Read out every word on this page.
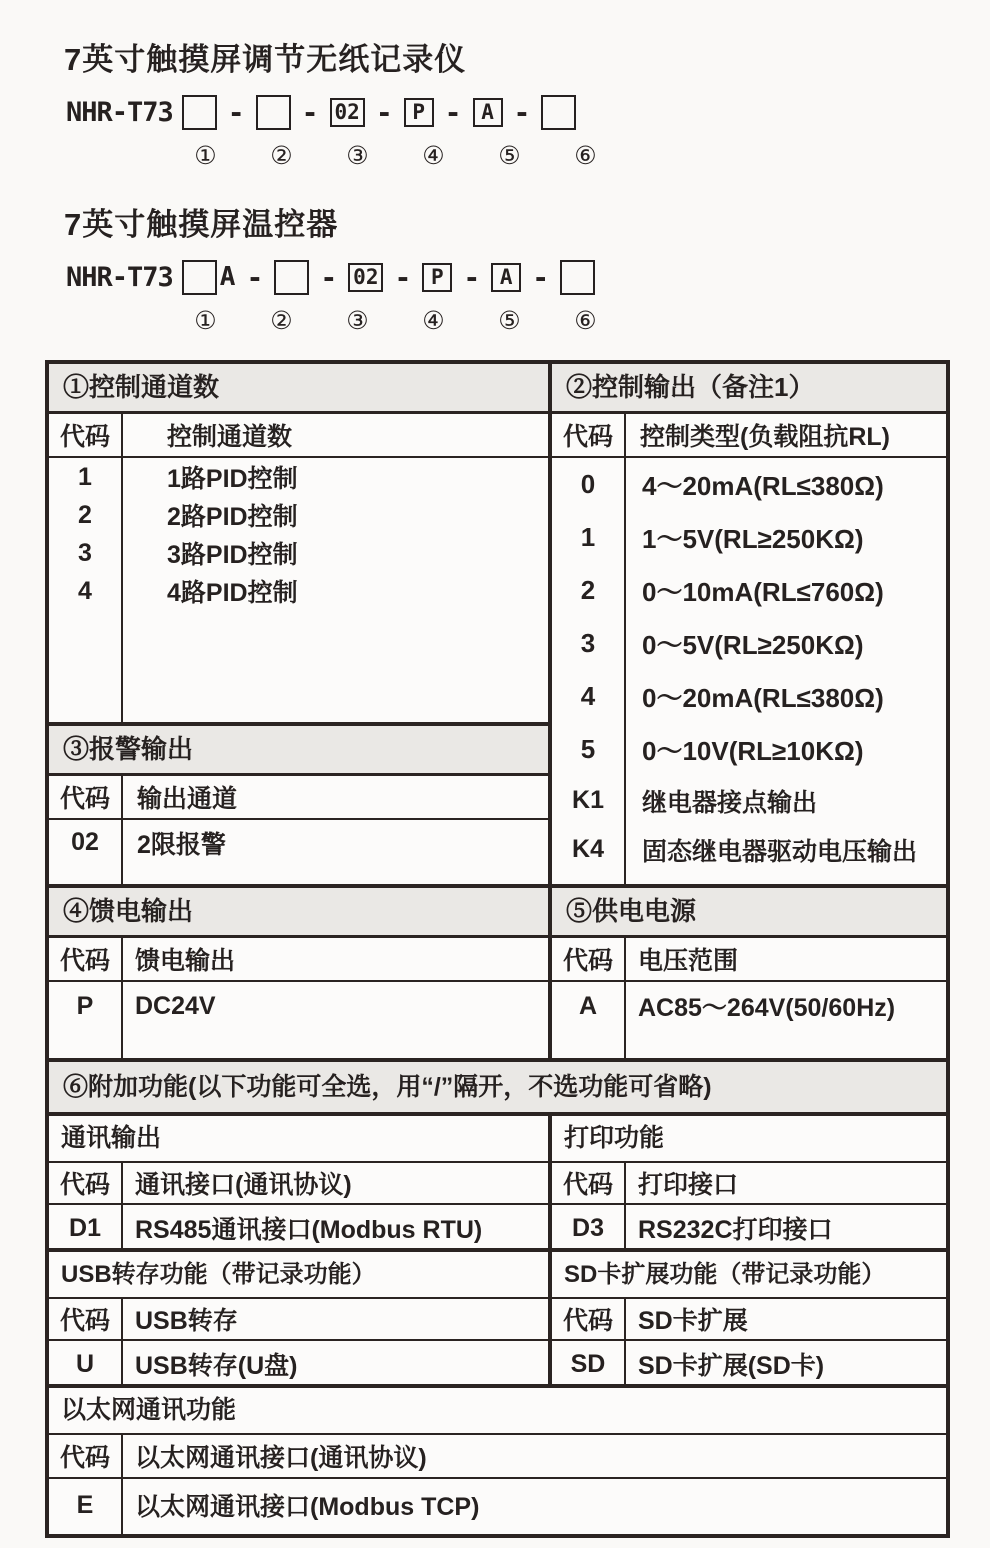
7英寸触摸屏调节无纸记录仪
NHR-T73 - - 02 - P - A -
① ② ③ ④ ⑤ ⑥
7英寸触摸屏温控器
NHR-T73 A - - 02 - P - A -
① ② ③ ④ ⑤ ⑥
①控制通道数
代码	控制通道数
1	1路PID控制
2	2路PID控制
3	3路PID控制
4	4路PID控制
③报警输出
代码	输出通道
02	2限报警
②控制输出（备注1）
代码	控制类型(负载阻抗RL)
0	4～20mA(RL≤380Ω)
1	1～5V(RL≥250KΩ)
2	0～10mA(RL≤760Ω)
3	0～5V(RL≥250KΩ)
4	0～20mA(RL≤380Ω)
5	0～10V(RL≥10KΩ)
K1	继电器接点输出
K4	固态继电器驱动电压输出
④馈电输出
代码	馈电输出
P	DC24V
⑤供电电源
代码	电压范围
A	AC85～264V(50/60Hz)
⑥附加功能(以下功能可全选，用“/”隔开，不选功能可省略)
通讯输出
代码	通讯接口(通讯协议)
D1	RS485通讯接口(Modbus RTU)
打印功能
代码	打印接口
D3	RS232C打印接口
USB转存功能（带记录功能）
代码	USB转存
U	USB转存(U盘)
SD卡扩展功能（带记录功能）
代码	SD卡扩展
SD	SD卡扩展(SD卡)
以太网通讯功能
代码	以太网通讯接口(通讯协议)
E	以太网通讯接口(Modbus TCP)
